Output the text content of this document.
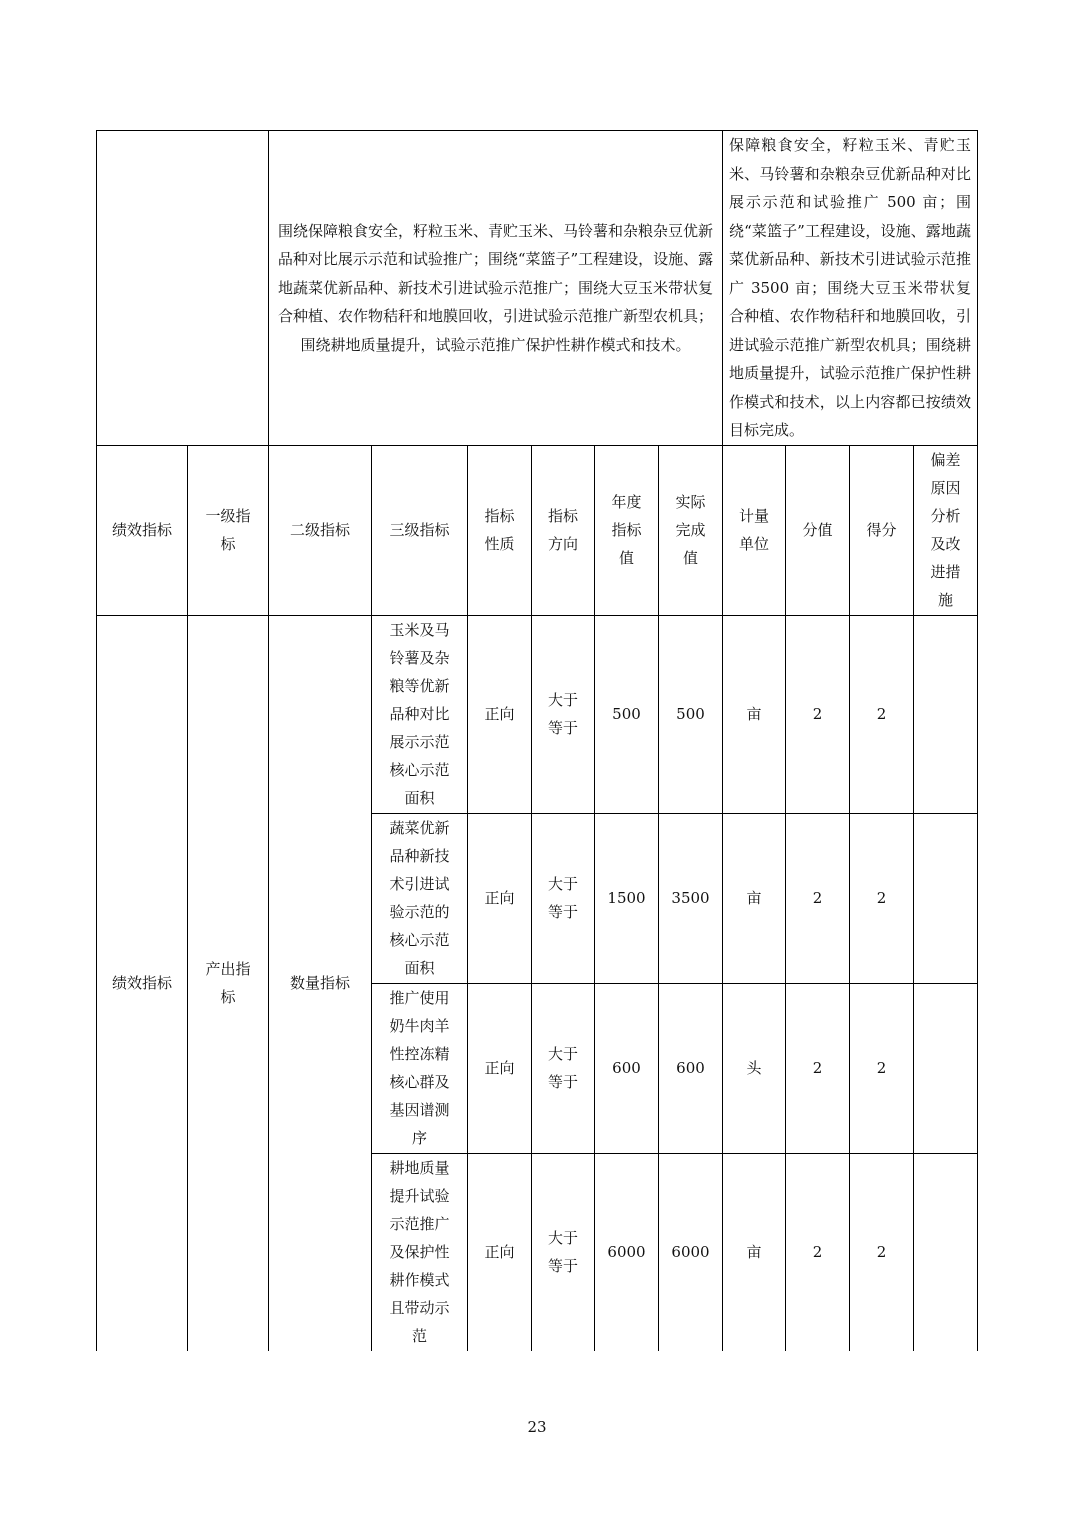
		围绕保障粮食安全，籽粒玉米、青贮玉米、马铃薯和杂粮杂豆优新品种对比展示示范和试验推广；围绕“菜篮子”工程建设，设施、露地蔬菜优新品种、新技术引进试验示范推广；围绕大豆玉米带状复合种植、农作物秸秆和地膜回收，引进试验示范推广新型农机具；围绕耕地质量提升，试验示范推广保护性耕作模式和技术。						保障粮食安全，籽粒玉米、青贮玉米、马铃薯和杂粮杂豆优新品种对比展示示范和试验推广 500 亩；围绕“菜篮子”工程建设，设施、露地蔬菜优新品种、新技术引进试验示范推广 3500 亩；围绕大豆玉米带状复合种植、农作物秸秆和地膜回收，引进试验示范推广新型农机具；围绕耕地质量提升，试验示范推广保护性耕作模式和技术，以上内容都已按绩效目标完成。			
绩效指标	一级指标	二级指标	三级指标	指标性质	指标方向	年度指标值	实际完成值	计量单位	分值	得分	偏差原因分析及改进措施
绩效指标	产出指标	数量指标	玉米及马铃薯及杂粮等优新品种对比展示示范核心示范面积	正向	大于等于	500	500	亩	2	2	
			蔬菜优新品种新技术引进试验示范的核心示范面积	正向	大于等于	1500	3500	亩	2	2	
			推广使用奶牛肉羊性控冻精核心群及基因谱测序	正向	大于等于	600	600	头	2	2	
			耕地质量提升试验示范推广及保护性耕作模式且带动示范	正向	大于等于	6000	6000	亩	2	2	
23
